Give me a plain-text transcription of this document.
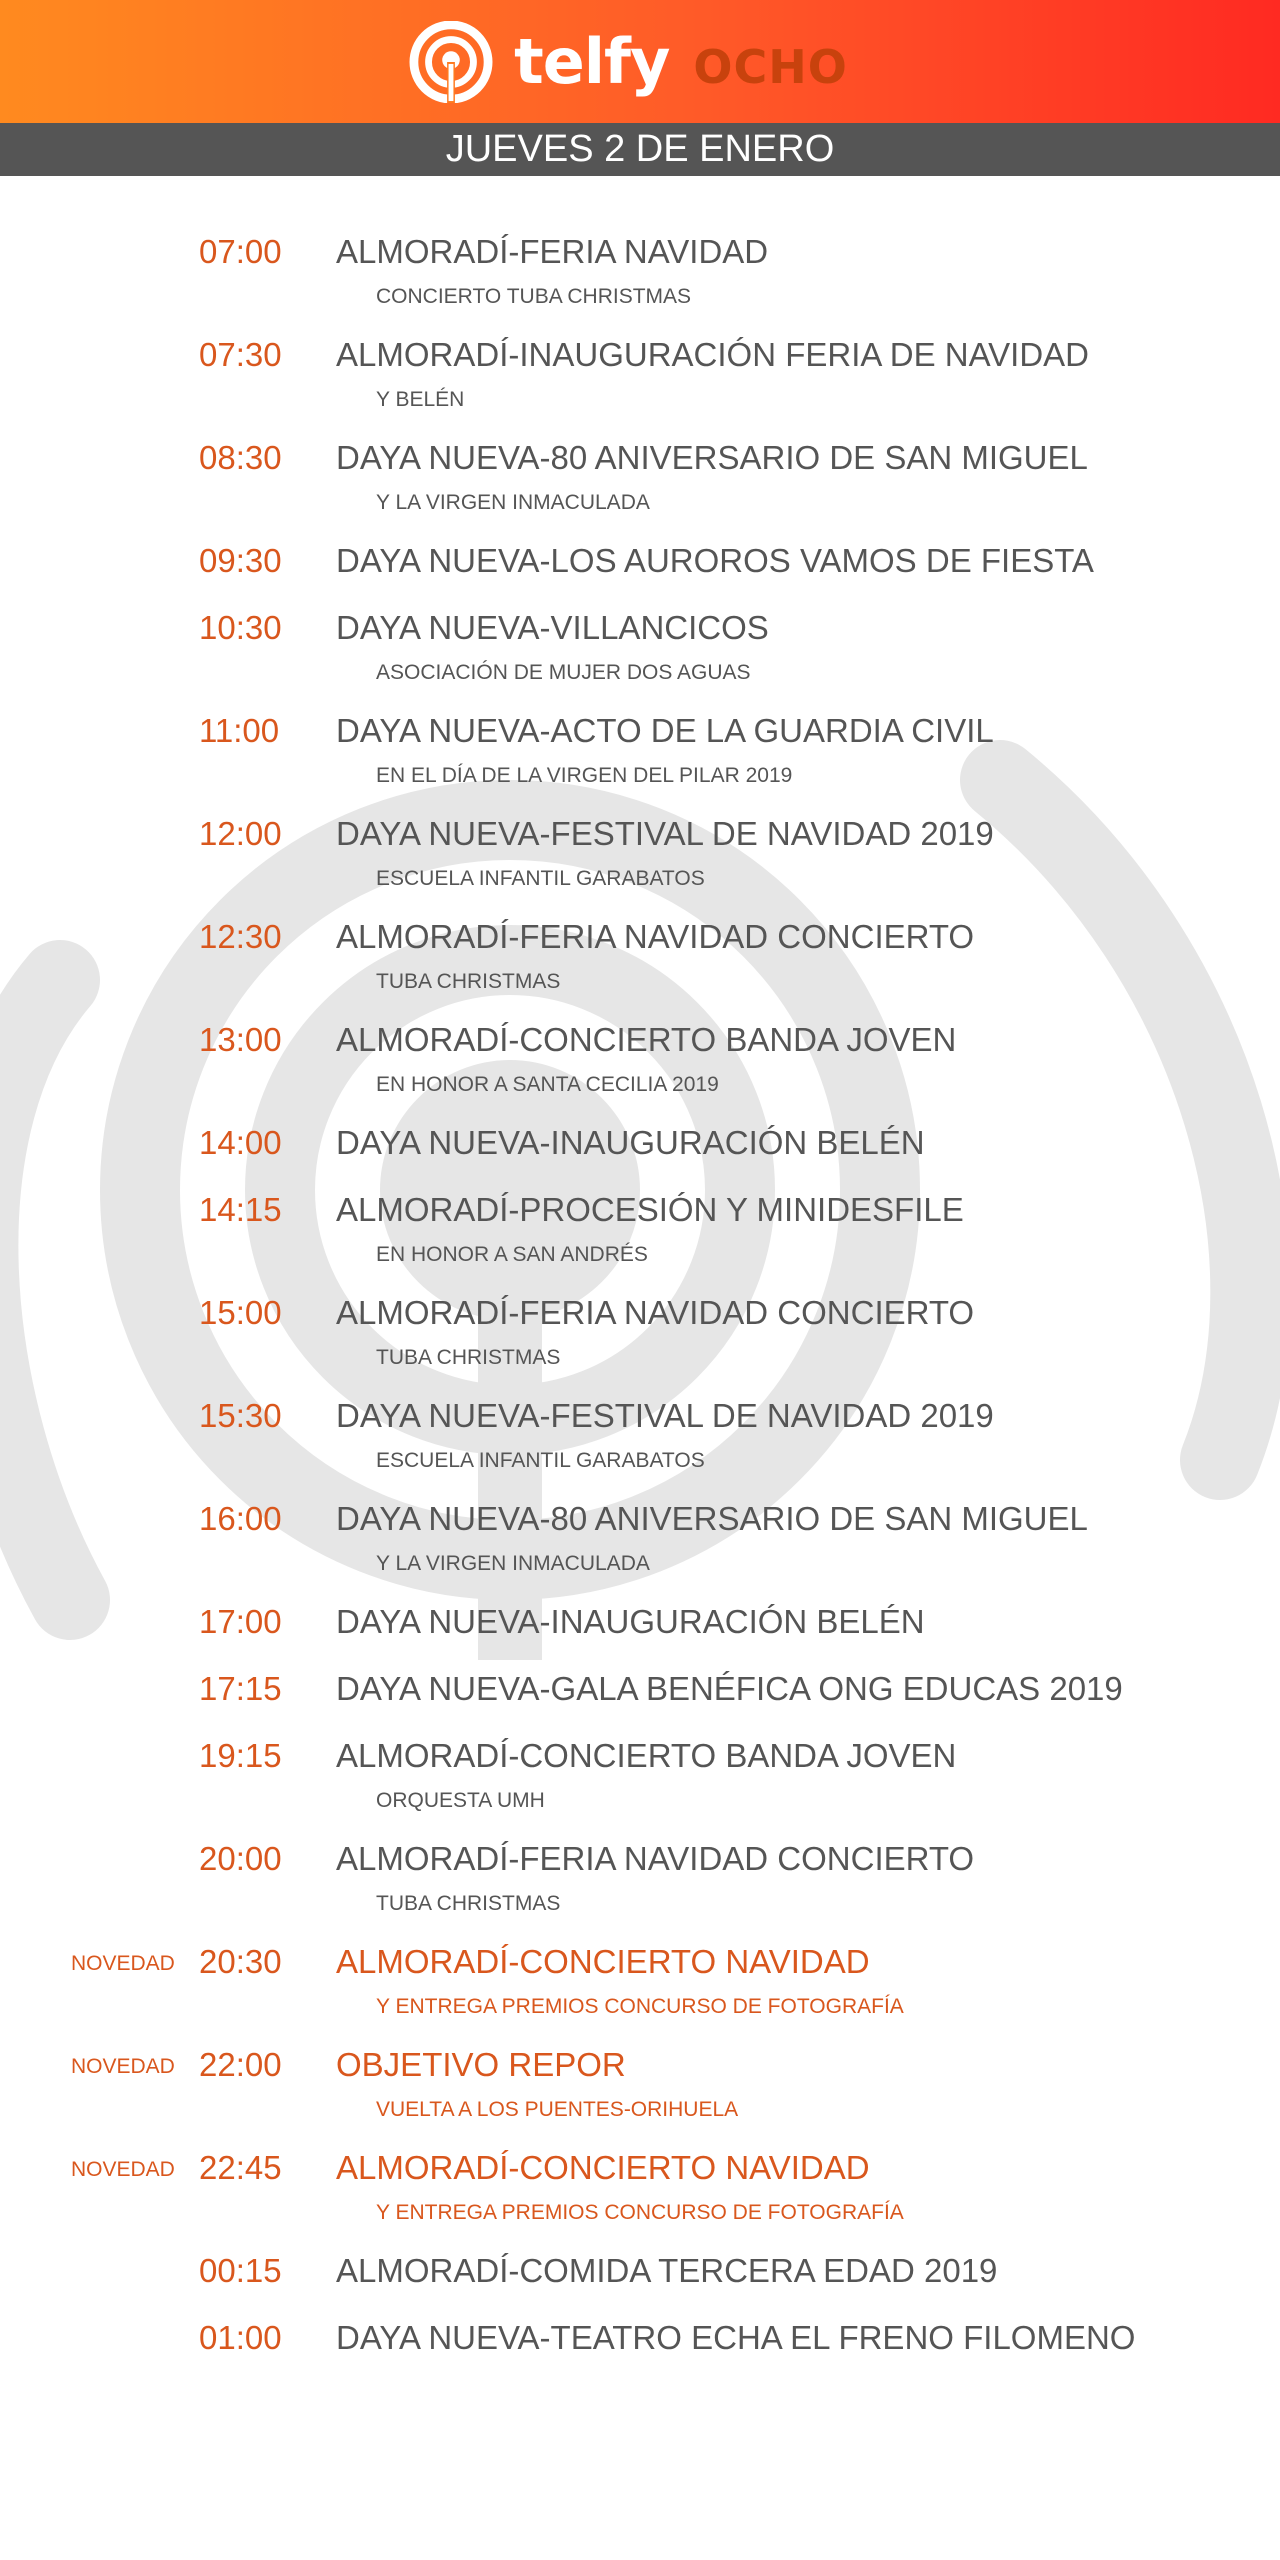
telfy OCHO
JUEVES 2 DE ENERO
07:00 ALMORADÍ-FERIA NAVIDAD
CONCIERTO TUBA CHRISTMAS
07:30 ALMORADÍ-INAUGURACIÓN FERIA DE NAVIDAD
Y BELÉN
08:30 DAYA NUEVA-80 ANIVERSARIO DE SAN MIGUEL
Y LA VIRGEN INMACULADA
09:30 DAYA NUEVA-LOS AUROROS VAMOS DE FIESTA
10:30 DAYA NUEVA-VILLANCICOS
ASOCIACIÓN DE MUJER DOS AGUAS
11:00 DAYA NUEVA-ACTO DE LA GUARDIA CIVIL
EN EL DÍA DE LA VIRGEN DEL PILAR 2019
12:00 DAYA NUEVA-FESTIVAL DE NAVIDAD 2019
ESCUELA INFANTIL GARABATOS
12:30 ALMORADÍ-FERIA NAVIDAD CONCIERTO
TUBA CHRISTMAS
13:00 ALMORADÍ-CONCIERTO BANDA JOVEN
EN HONOR A SANTA CECILIA 2019
14:00 DAYA NUEVA-INAUGURACIÓN BELÉN
14:15 ALMORADÍ-PROCESIÓN Y MINIDESFILE
EN HONOR A SAN ANDRÉS
15:00 ALMORADÍ-FERIA NAVIDAD CONCIERTO
TUBA CHRISTMAS
15:30 DAYA NUEVA-FESTIVAL DE NAVIDAD 2019
ESCUELA INFANTIL GARABATOS
16:00 DAYA NUEVA-80 ANIVERSARIO DE SAN MIGUEL
Y LA VIRGEN INMACULADA
17:00 DAYA NUEVA-INAUGURACIÓN BELÉN
17:15 DAYA NUEVA-GALA BENÉFICA ONG EDUCAS 2019
19:15 ALMORADÍ-CONCIERTO BANDA JOVEN
ORQUESTA UMH
20:00 ALMORADÍ-FERIA NAVIDAD CONCIERTO
TUBA CHRISTMAS
NOVEDAD 20:30 ALMORADÍ-CONCIERTO NAVIDAD
Y ENTREGA PREMIOS CONCURSO DE FOTOGRAFÍA
NOVEDAD 22:00 OBJETIVO REPOR
VUELTA A LOS PUENTES-ORIHUELA
NOVEDAD 22:45 ALMORADÍ-CONCIERTO NAVIDAD
Y ENTREGA PREMIOS CONCURSO DE FOTOGRAFÍA
00:15 ALMORADÍ-COMIDA TERCERA EDAD 2019
01:00 DAYA NUEVA-TEATRO ECHA EL FRENO FILOMENO
